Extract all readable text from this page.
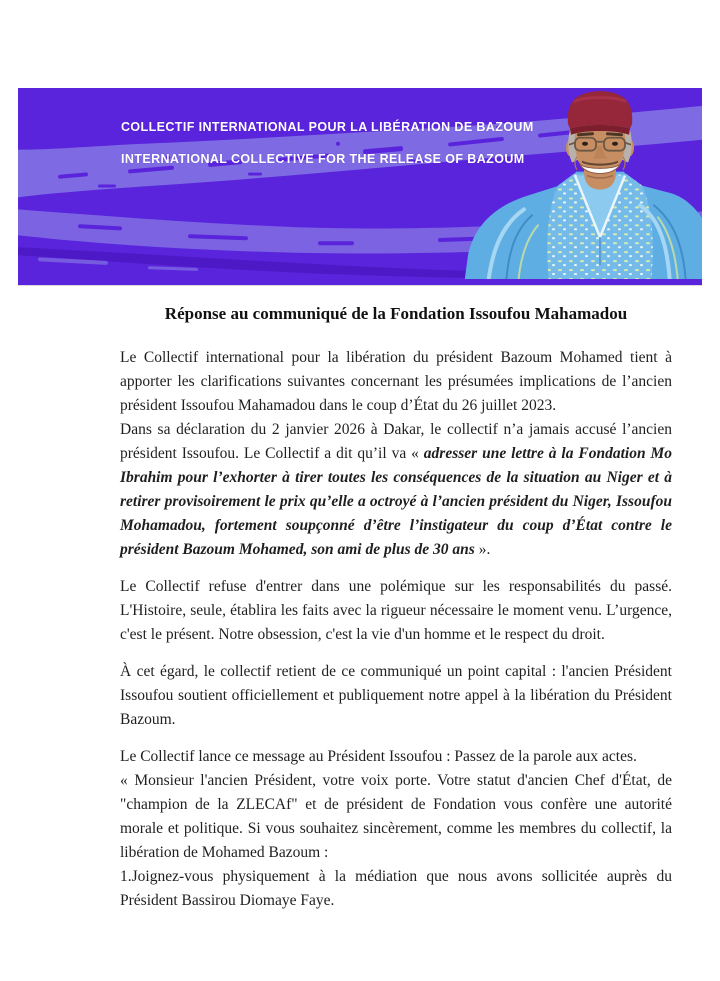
COLLECTIF INTERNATIONAL POUR LA LIBÉRATION DE BAZOUM
INTERNATIONAL COLLECTIVE FOR THE RELEASE OF BAZOUM
Réponse au communiqué de la Fondation Issoufou Mahamadou

Le Collectif international pour la libération du président Bazoum Mohamed tient à apporter les clarifications suivantes concernant les présumées implications de l’ancien président Issoufou Mahamadou dans le coup d’État du 26 juillet 2023.
Dans sa déclaration du 2 janvier 2026 à Dakar, le collectif n’a jamais accusé l’ancien président Issoufou. Le Collectif a dit qu’il va « adresser une lettre à la Fondation Mo Ibrahim pour l’exhorter à tirer toutes les conséquences de la situation au Niger et à retirer provisoirement le prix qu’elle a octroyé à l’ancien président du Niger, Issoufou Mohamadou, fortement soupçonné d’être l’instigateur du coup d’État contre le président Bazoum Mohamed, son ami de plus de 30 ans ».

Le Collectif refuse d'entrer dans une polémique sur les responsabilités du passé. L'Histoire, seule, établira les faits avec la rigueur nécessaire le moment venu. L’urgence, c'est le présent. Notre obsession, c'est la vie d'un homme et le respect du droit.

À cet égard, le collectif retient de ce communiqué un point capital : l'ancien Président Issoufou soutient officiellement et publiquement notre appel à la libération du Président Bazoum.

Le Collectif lance ce message au Président Issoufou : Passez de la parole aux actes.
« Monsieur l'ancien Président, votre voix porte. Votre statut d'ancien Chef d'État, de "champion de la ZLECAf" et de président de Fondation vous confère une autorité morale et politique. Si vous souhaitez sincèrement, comme les membres du collectif, la libération de Mohamed Bazoum :
1.Joignez-vous physiquement à la médiation que nous avons sollicitée auprès du Président Bassirou Diomaye Faye.
